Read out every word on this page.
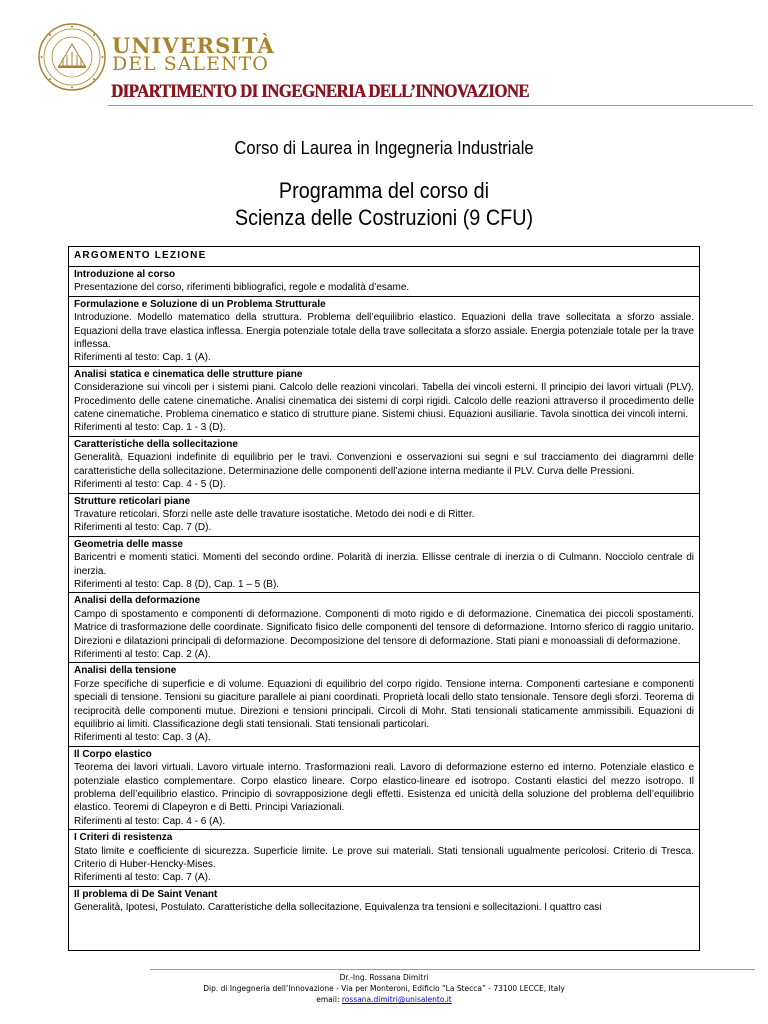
UNIVERSITÀ
DEL SALENTO
DIPARTIMENTO DI INGEGNERIA DELL’INNOVAZIONE
Corso di Laurea in Ingegneria Industriale
Programma del corso di
Scienza delle Costruzioni (9 CFU)
ARGOMENTO LEZIONE
Introduzione al corso
Presentazione del corso, riferimenti bibliografici, regole e modalità d’esame.
Formulazione e Soluzione di un Problema Strutturale
Introduzione. Modello matematico della struttura. Problema dell’equilibrio elastico. Equazioni della trave sollecitata a sforzo assiale. Equazioni della trave elastica inflessa. Energia potenziale totale della trave sollecitata a sforzo assiale. Energia potenziale totale per la trave inflessa.
Riferimenti al testo: Cap. 1 (A).
Analisi statica e cinematica delle strutture piane
Considerazione sui vincoli per i sistemi piani. Calcolo delle reazioni vincolari. Tabella dei vincoli esterni. Il principio dei lavori virtuali (PLV). Procedimento delle catene cinematiche. Analisi cinematica dei sistemi di corpi rigidi. Calcolo delle reazioni attraverso il procedimento delle catene cinematiche. Problema cinematico e statico di strutture piane. Sistemi chiusi. Equazioni ausiliarie. Tavola sinottica dei vincoli interni.
Riferimenti al testo: Cap. 1 - 3 (D).
Caratteristiche della sollecitazione
Generalità. Equazioni indefinite di equilibrio per le travi. Convenzioni e osservazioni sui segni e sul tracciamento dei diagrammi delle caratteristiche della sollecitazione. Determinazione delle componenti dell’azione interna mediante il PLV. Curva delle Pressioni.
Riferimenti al testo: Cap. 4 - 5 (D).
Strutture reticolari piane
Travature reticolari. Sforzi nelle aste delle travature isostatiche. Metodo dei nodi e di Ritter.
Riferimenti al testo: Cap. 7 (D).
Geometria delle masse
Baricentri e momenti statici. Momenti del secondo ordine. Polarità di inerzia. Ellisse centrale di inerzia o di Culmann. Nocciolo centrale di inerzia.
Riferimenti al testo: Cap. 8 (D), Cap. 1 – 5 (B).
Analisi della deformazione
Campo di spostamento e componenti di deformazione. Componenti di moto rigido e di deformazione. Cinematica dei piccoli spostamenti. Matrice di trasformazione delle coordinate. Significato fisico delle componenti del tensore di deformazione. Intorno sferico di raggio unitario. Direzioni e dilatazioni principali di deformazione. Decomposizione del tensore di deformazione. Stati piani e monoassiali di deformazione.
Riferimenti al testo: Cap. 2 (A).
Analisi della tensione
Forze specifiche di superficie e di volume. Equazioni di equilibrio del corpo rigido. Tensione interna. Componenti cartesiane e componenti speciali di tensione. Tensioni su giaciture parallele ai piani coordinati. Proprietà locali dello stato tensionale. Tensore degli sforzi. Teorema di reciprocità delle componenti mutue. Direzioni e tensioni principali. Circoli di Mohr. Stati tensionali staticamente ammissibili. Equazioni di equilibrio ai limiti. Classificazione degli stati tensionali. Stati tensionali particolari.
Riferimenti al testo: Cap. 3 (A).
Il Corpo elastico
Teorema dei lavori virtuali. Lavoro virtuale interno. Trasformazioni reali. Lavoro di deformazione esterno ed interno. Potenziale elastico e potenziale elastico complementare. Corpo elastico lineare. Corpo elastico-lineare ed isotropo. Costanti elastici del mezzo isotropo. Il problema dell’equilibrio elastico. Principio di sovrapposizione degli effetti. Esistenza ed unicità della soluzione del problema dell’equilibrio elastico. Teoremi di Clapeyron e di Betti. Principi Variazionali.
Riferimenti al testo: Cap. 4 - 6 (A).
I Criteri di resistenza
Stato limite e coefficiente di sicurezza. Superficie limite. Le prove sui materiali. Stati tensionali ugualmente pericolosi. Criterio di Tresca. Criterio di Huber-Hencky-Mises.
Riferimenti al testo: Cap. 7 (A).
Il problema di De Saint Venant
Generalità, Ipotesi, Postulato. Caratteristiche della sollecitazione. Equivalenza tra tensioni e sollecitazioni. I quattro casi
Dr.-Ing. Rossana Dimitri
Dip. di Ingegneria dell’Innovazione - Via per Monteroni, Edificio “La Stecca” - 73100 LECCE, Italy
email: rossana.dimitri@unisalento.it
